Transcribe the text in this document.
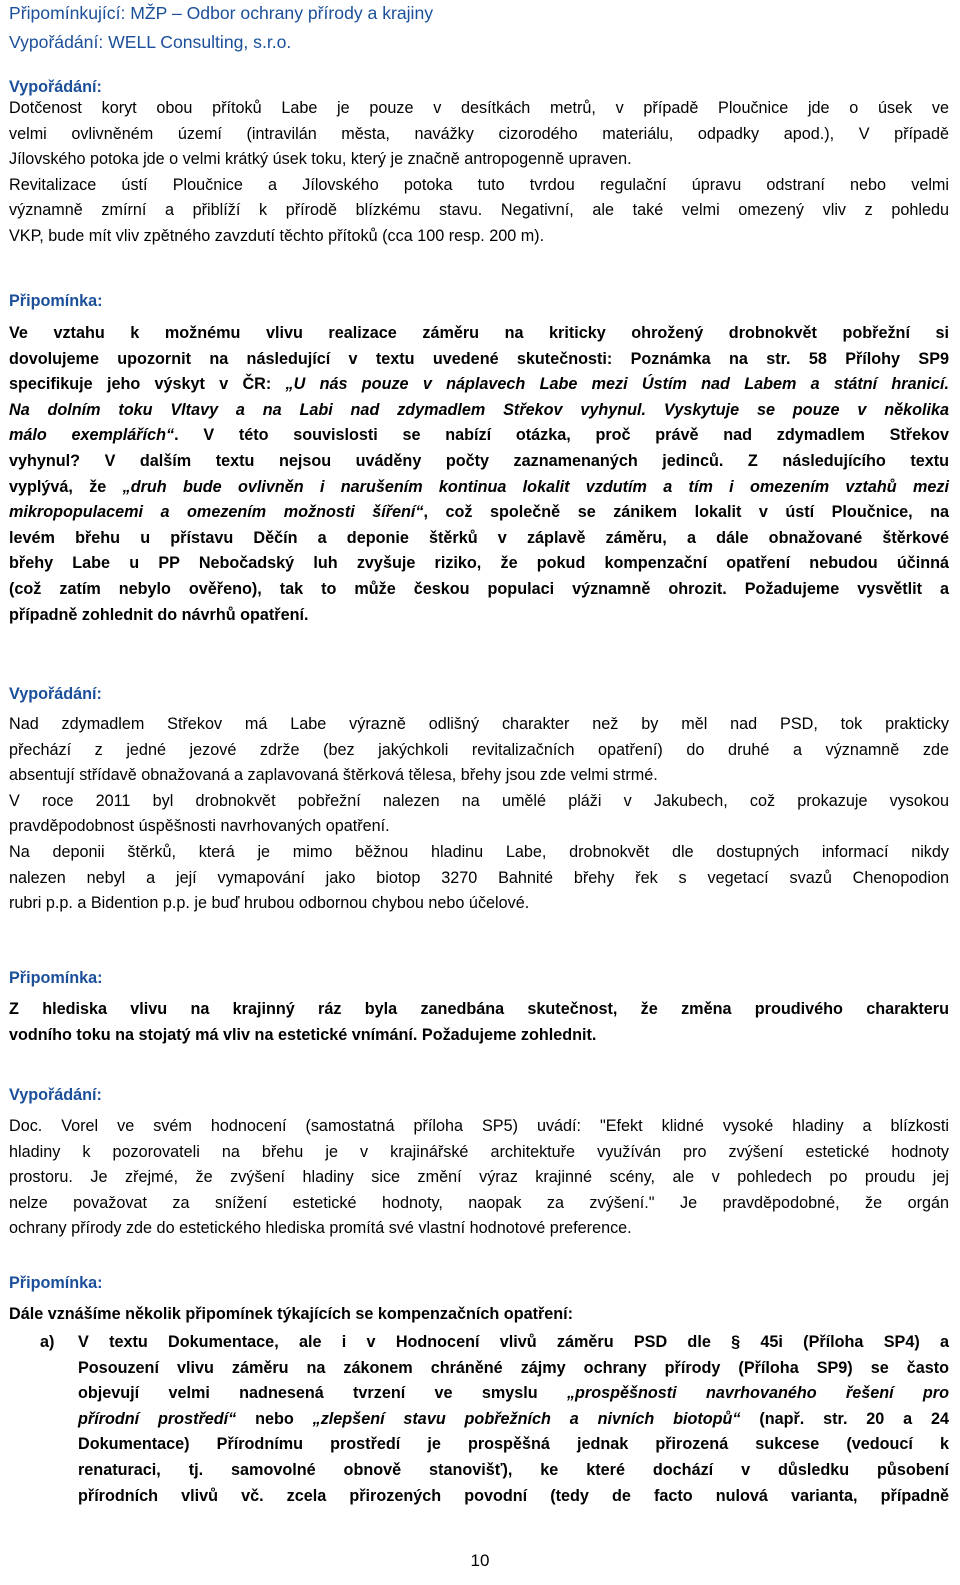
Připomínkující: MŽP – Odbor ochrany přírody a krajiny
Vypořádání: WELL Consulting, s.r.o.
Vypořádání:
Dotčenost koryt obou přítoků Labe je pouze v desítkách metrů, v případě Ploučnice jde o úsek ve
velmi ovlivněném území (intravilán města, navážky cizorodého materiálu, odpadky apod.), V případě
Jílovského potoka jde o velmi krátký úsek toku, který je značně antropogenně upraven.
Revitalizace ústí Ploučnice a Jílovského potoka tuto tvrdou regulační úpravu odstraní nebo velmi
významně zmírní a přiblíží k přírodě blízkému stavu. Negativní, ale také velmi omezený vliv z pohledu
VKP, bude mít vliv zpětného zavzdutí těchto přítoků (cca 100 resp. 200 m).
Připomínka:
Ve vztahu k možnému vlivu realizace záměru na kriticky ohrožený drobnokvět pobřežní si
dovolujeme upozornit na následující v textu uvedené skutečnosti: Poznámka na str. 58 Přílohy SP9
specifikuje jeho výskyt v ČR: „U nás pouze v náplavech Labe mezi Ústím nad Labem a státní hranicí.
Na dolním toku Vltavy a na Labi nad zdymadlem Střekov vyhynul. Vyskytuje se pouze v několika
málo exemplářích“. V této souvislosti se nabízí otázka, proč právě nad zdymadlem Střekov
vyhynul? V dalším textu nejsou uváděny počty zaznamenaných jedinců. Z následujícího textu
vyplývá, že „druh bude ovlivněn i narušením kontinua lokalit vzdutím a tím i omezením vztahů mezi
mikropopulacemi a omezením možnosti šíření“, což společně se zánikem lokalit v ústí Ploučnice, na
levém břehu u přístavu Děčín a deponie štěrků v záplavě záměru, a dále obnažované štěrkové
břehy Labe u PP Nebočadský luh zvyšuje riziko, že pokud kompenzační opatření nebudou účinná
(což zatím nebylo ověřeno), tak to může českou populaci významně ohrozit. Požadujeme vysvětlit a
případně zohlednit do návrhů opatření.
Vypořádání:
Nad zdymadlem Střekov má Labe výrazně odlišný charakter než by měl nad PSD, tok prakticky
přechází z jedné jezové zdrže (bez jakýchkoli revitalizačních opatření) do druhé a významně zde
absentují střídavě obnažovaná a zaplavovaná štěrková tělesa, břehy jsou zde velmi strmé.
V roce 2011 byl drobnokvět pobřežní nalezen na umělé pláži v Jakubech, což prokazuje vysokou
pravděpodobnost úspěšnosti navrhovaných opatření.
Na deponii štěrků, která je mimo běžnou hladinu Labe, drobnokvět dle dostupných informací nikdy
nalezen nebyl a její vymapování jako biotop 3270 Bahnité břehy řek s vegetací svazů Chenopodion
rubri p.p. a Bidention p.p. je buď hrubou odbornou chybou nebo účelové.
Připomínka:
Z hlediska vlivu na krajinný ráz byla zanedbána skutečnost, že změna proudivého charakteru
vodního toku na stojatý má vliv na estetické vnímání. Požadujeme zohlednit.
Vypořádání:
Doc. Vorel ve svém hodnocení (samostatná příloha SP5) uvádí: "Efekt klidné vysoké hladiny a blízkosti
hladiny k pozorovateli na břehu je v krajinářské architektuře využíván pro zvýšení estetické hodnoty
prostoru. Je zřejmé, že zvýšení hladiny sice změní výraz krajinné scény, ale v pohledech po proudu jej
nelze považovat za snížení estetické hodnoty, naopak za zvýšení." Je pravděpodobné, že orgán
ochrany přírody zde do estetického hlediska promítá své vlastní hodnotové preference.
Připomínka:
Dále vznášíme několik připomínek týkajících se kompenzačních opatření:
a) V textu Dokumentace, ale i v Hodnocení vlivů záměru PSD dle § 45i (Příloha SP4) a
Posouzení vlivu záměru na zákonem chráněné zájmy ochrany přírody (Příloha SP9) se často
objevují velmi nadnesená tvrzení ve smyslu „prospěšnosti navrhovaného řešení pro
přírodní prostředí“ nebo „zlepšení stavu pobřežních a nivních biotopů“ (např. str. 20 a 24
Dokumentace) Přírodnímu prostředí je prospěšná jednak přirozená sukcese (vedoucí k
renaturaci, tj. samovolné obnově stanovišť), ke které dochází v důsledku působení
přírodních vlivů vč. zcela přirozených povodní (tedy de facto nulová varianta, případně
10
